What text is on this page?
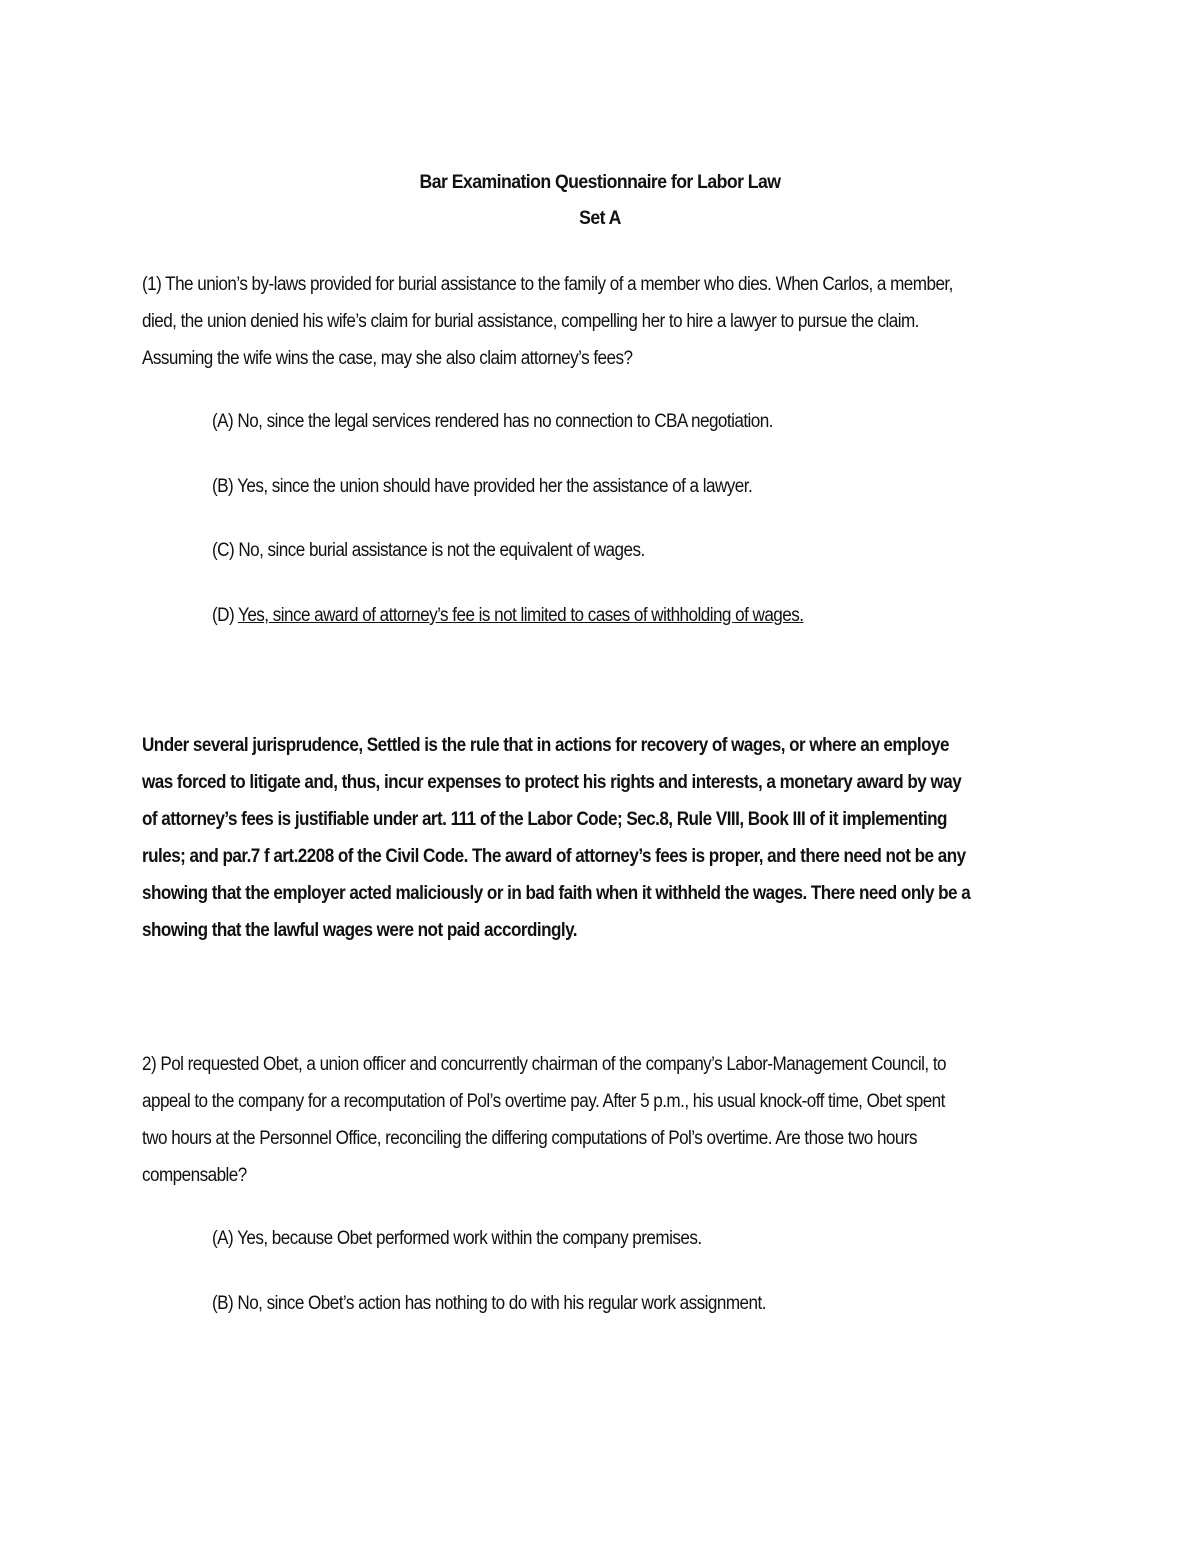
Bar Examination Questionnaire for Labor Law
Set A
(1) The union’s by-laws provided for burial assistance to the family of a member who dies. When Carlos, a member,
died, the union denied his wife’s claim for burial assistance, compelling her to hire a lawyer to pursue the claim.
Assuming the wife wins the case, may she also claim attorney’s fees?
(A) No, since the legal services rendered has no connection to CBA negotiation.
(B) Yes, since the union should have provided her the assistance of a lawyer.
(C) No, since burial assistance is not the equivalent of wages.
(D) Yes, since award of attorney’s fee is not limited to cases of withholding of wages.
Under several jurisprudence, Settled is the rule that in actions for recovery of wages, or where an employe
was forced to litigate and, thus, incur expenses to protect his rights and interests, a monetary award by way
of attorney’s fees is justifiable under art. 111 of the Labor Code; Sec.8, Rule VIII, Book III of it implementing
rules; and par.7 f art.2208 of the Civil Code. The award of attorney’s fees is proper, and there need not be any
showing that the employer acted maliciously or in bad faith when it withheld the wages. There need only be a
showing that the lawful wages were not paid accordingly.
2) Pol requested Obet, a union officer and concurrently chairman of the company’s Labor-Management Council, to
appeal to the company for a recomputation of Pol’s overtime pay. After 5 p.m., his usual knock-off time, Obet spent
two hours at the Personnel Office, reconciling the differing computations of Pol’s overtime. Are those two hours
compensable?
(A) Yes, because Obet performed work within the company premises.
(B) No, since Obet’s action has nothing to do with his regular work assignment.
